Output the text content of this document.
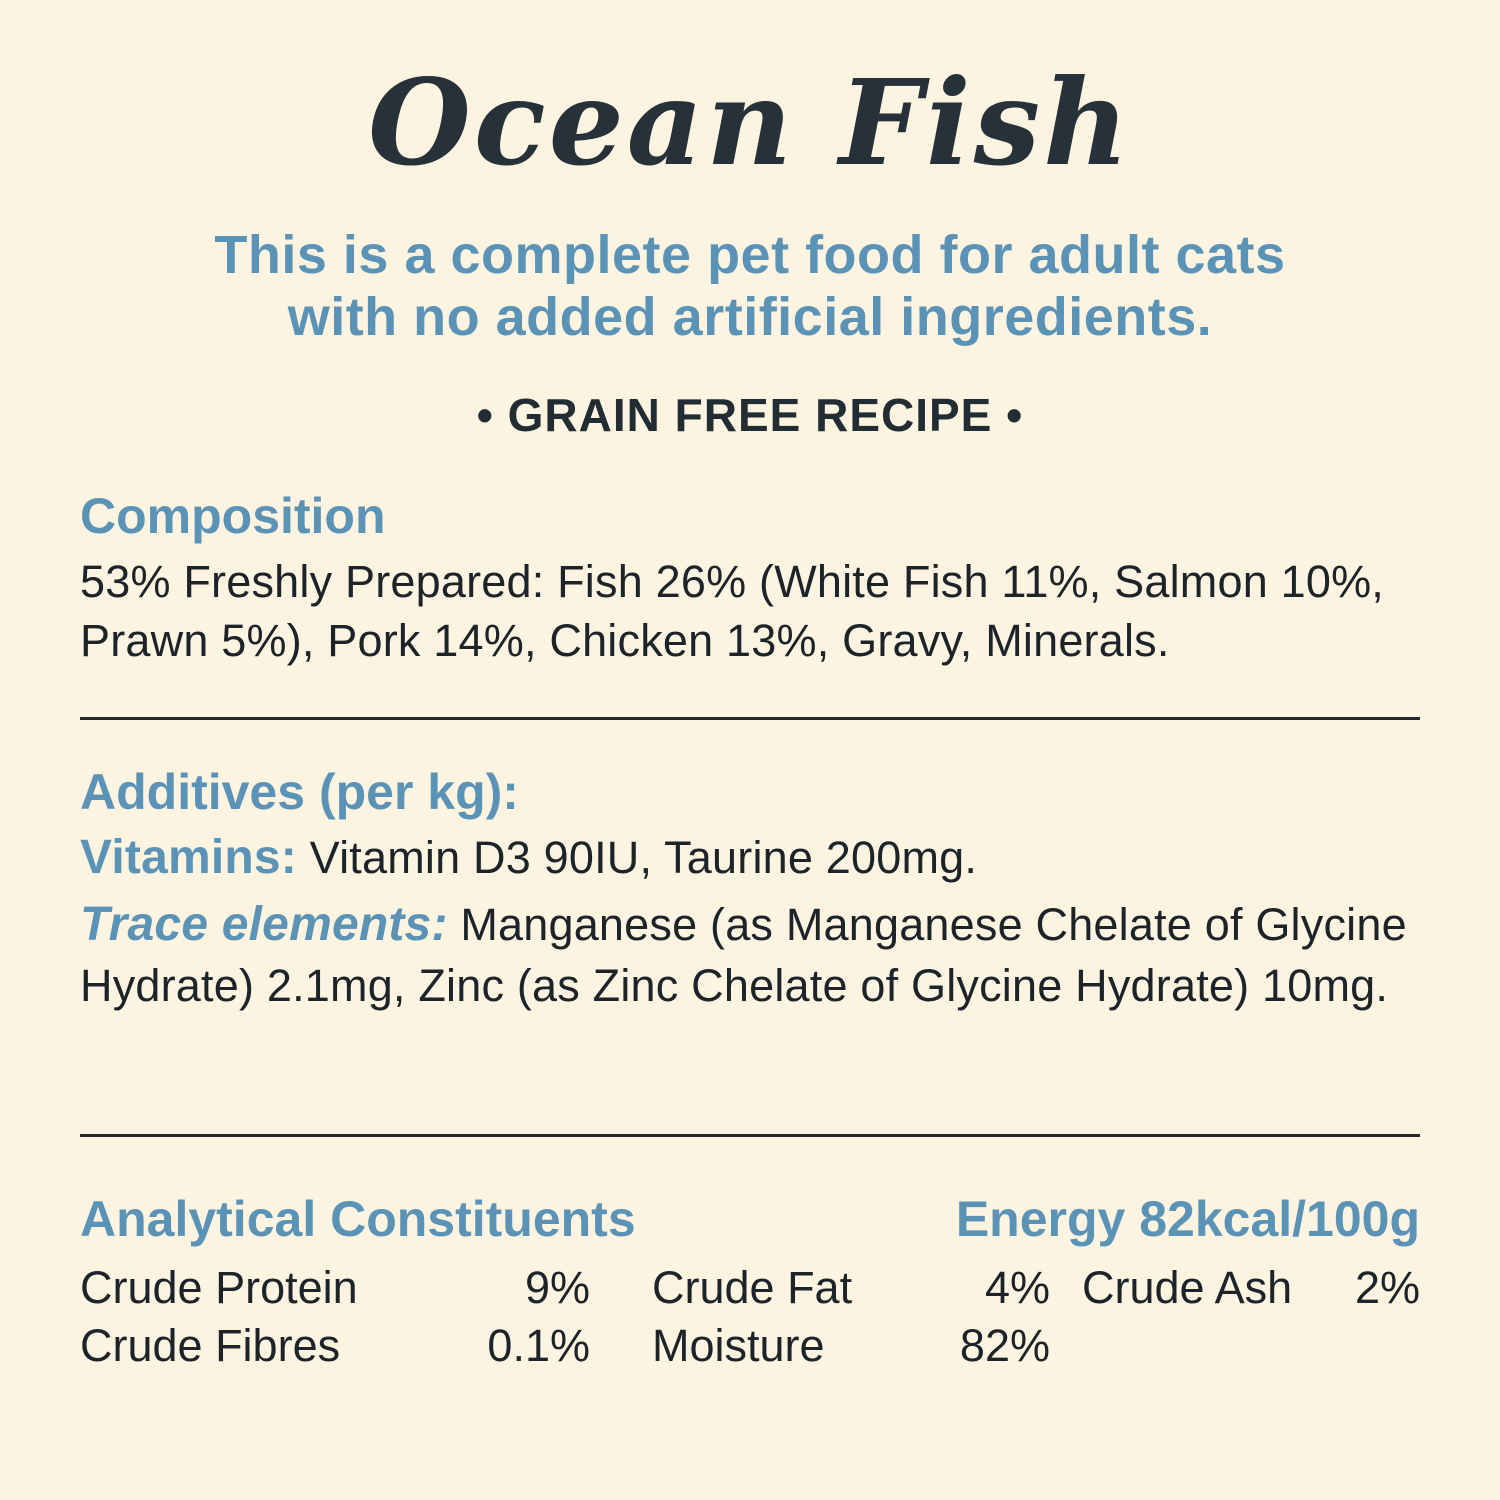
Ocean Fish
This is a complete pet food for adult cats
with no added artificial ingredients.
• GRAIN FREE RECIPE •
Composition
53% Freshly Prepared: Fish 26% (White Fish 11%, Salmon 10%, Prawn 5%), Pork 14%, Chicken 13%, Gravy, Minerals.
Additives (per kg):
Vitamins: Vitamin D3 90IU, Taurine 200mg.
Trace elements: Manganese (as Manganese Chelate of Glycine Hydrate) 2.1mg, Zinc (as Zinc Chelate of Glycine Hydrate) 10mg.
Analytical Constituents	Energy 82kcal/100g
Crude Protein	9%	Crude Fat	4% Crude Ash	2%
Crude Fibres	0.1%	Moisture	82%
